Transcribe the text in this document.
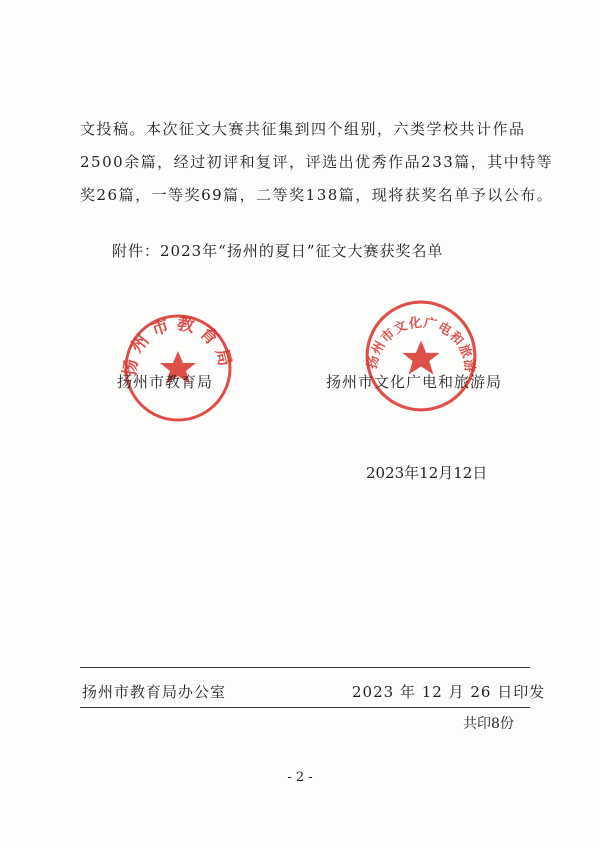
文投稿。本次征文大赛共征集到四个组别，六类学校共计作品
2500余篇，经过初评和复评，评选出优秀作品233篇，其中特等
奖26篇，一等奖69篇，二等奖138篇，现将获奖名单予以公布。
附件：2023年“扬州的夏日”征文大赛获奖名单
扬州市教育局	扬州市文化广电和旅游局
扬州市教育局	扬州市文化广电和旅游局
2023年12月12日
扬州市教育局办公室	2023 年 12 月 26 日印发
共印8份
- 2 -
